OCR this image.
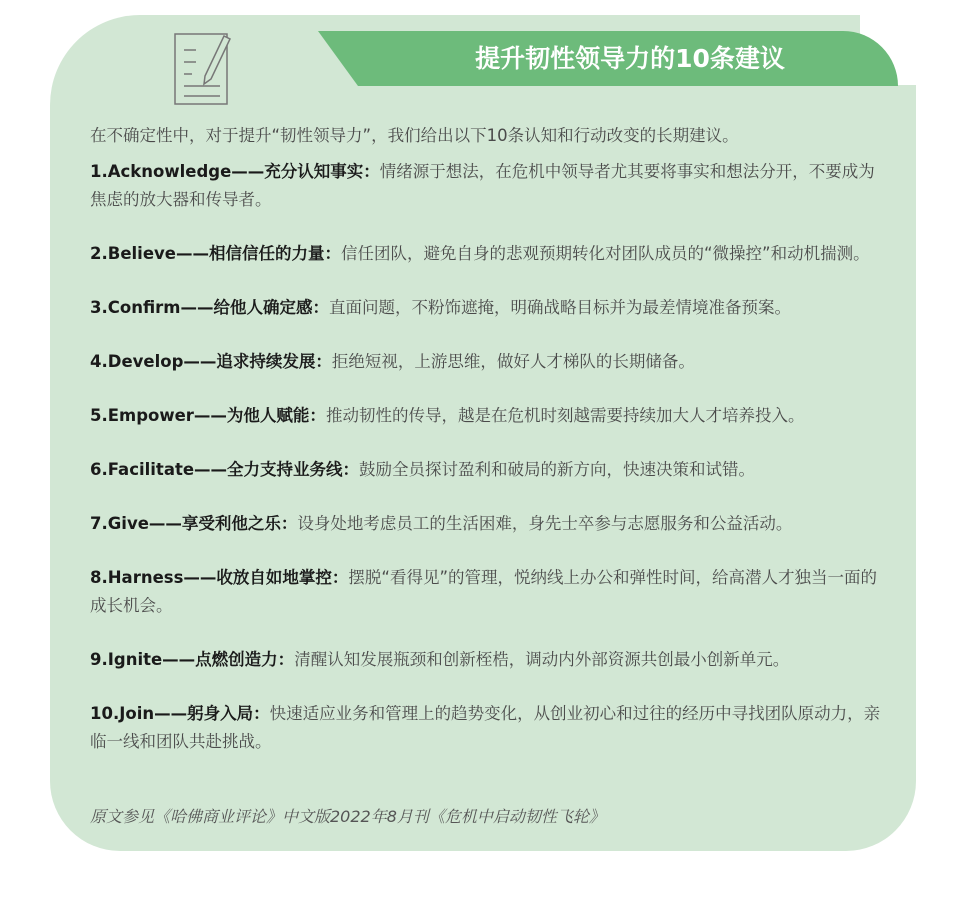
提升韧性领导力的10条建议
在不确定性中，对于提升“韧性领导力”，我们给出以下10条认知和行动改变的长期建议。
1.Acknowledge——充分认知事实：情绪源于想法，在危机中领导者尤其要将事实和想法分开，不要成为焦虑的放大器和传导者。
2.Believe——相信信任的力量：信任团队，避免自身的悲观预期转化对团队成员的“微操控”和动机揣测。
3.Confirm——给他人确定感：直面问题，不粉饰遮掩，明确战略目标并为最差情境准备预案。
4.Develop——追求持续发展：拒绝短视，上游思维，做好人才梯队的长期储备。
5.Empower——为他人赋能：推动韧性的传导，越是在危机时刻越需要持续加大人才培养投入。
6.Facilitate——全力支持业务线：鼓励全员探讨盈利和破局的新方向，快速决策和试错。
7.Give——享受利他之乐：设身处地考虑员工的生活困难，身先士卒参与志愿服务和公益活动。
8.Harness——收放自如地掌控：摆脱“看得见”的管理，悦纳线上办公和弹性时间，给高潜人才独当一面的成长机会。
9.Ignite——点燃创造力：清醒认知发展瓶颈和创新桎梏，调动内外部资源共创最小创新单元。
10.Join——躬身入局：快速适应业务和管理上的趋势变化，从创业初心和过往的经历中寻找团队原动力，亲临一线和团队共赴挑战。
原文参见《哈佛商业评论》中文版2022年8月刊《危机中启动韧性飞轮》
